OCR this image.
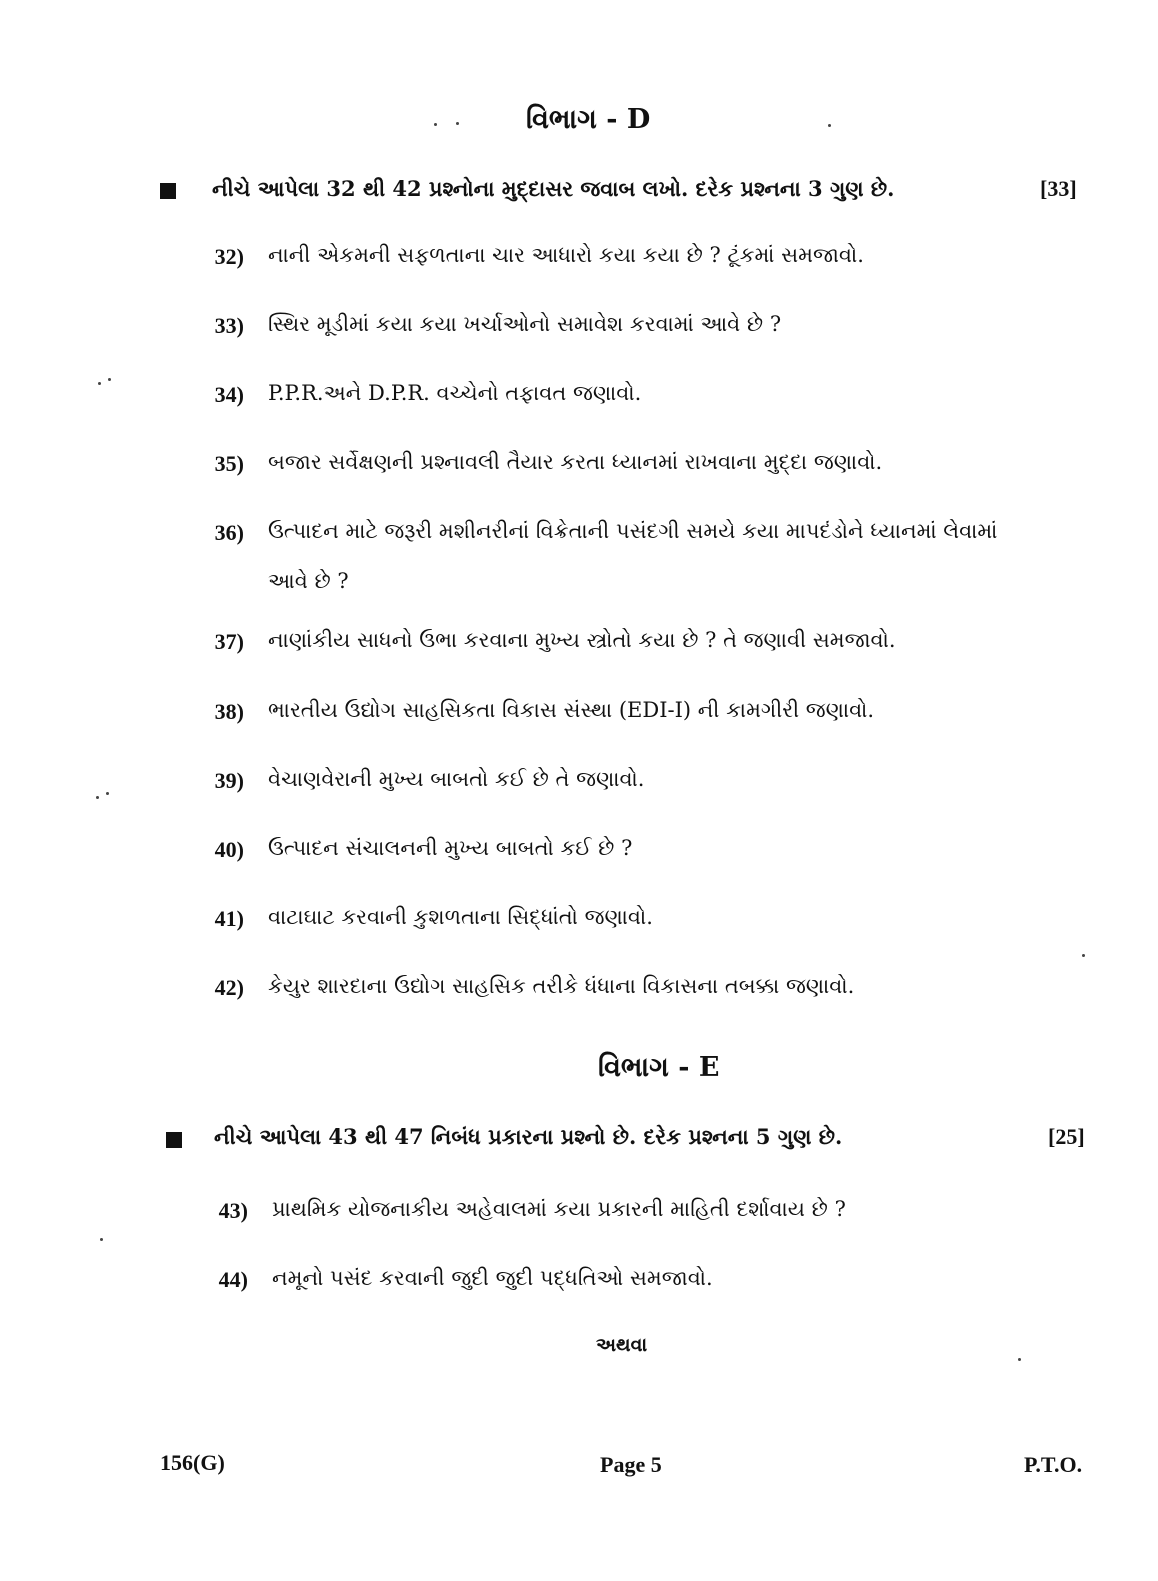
વિભાગ - D
નીચે આપેલા 32 થી 42 પ્રશ્નોના મુદ્દાસર જવાબ લખો. દરેક પ્રશ્નના 3 ગુણ છે.	[33]
32) નાની એકમની સફળતાના ચાર આધારો કયા કયા છે ? ટૂંકમાં સમજાવો.
33) સ્થિર મૂડીમાં કયા કયા ખર્ચાઓનો સમાવેશ કરવામાં આવે છે ?
34) P.P.R.અને D.P.R. વચ્ચેનો તફાવત જણાવો.
35) બજાર સર્વેક્ષણની પ્રશ્નાવલી તૈયાર કરતા ધ્યાનમાં રાખવાના મુદ્દા જણાવો.
36) ઉત્પાદન માટે જરૂરી મશીનરીનાં વિક્રેતાની પસંદગી સમયે કયા માપદંડોને ધ્યાનમાં લેવામાં આવે છે ?
37) નાણાંકીય સાધનો ઉભા કરવાના મુખ્ય સ્ત્રોતો કયા છે ? તે જણાવી સમજાવો.
38) ભારતીય ઉદ્યોગ સાહસિકતા વિકાસ સંસ્થા (EDI-I) ની કામગીરી જણાવો.
39) વેચાણવેરાની મુખ્ય બાબતો કઈ છે તે જણાવો.
40) ઉત્પાદન સંચાલનની મુખ્ય બાબતો કઈ છે ?
41) વાટાઘાટ કરવાની કુશળતાના સિદ્ધાંતો જણાવો.
42) કેયુર શારદાના ઉદ્યોગ સાહસિક તરીકે ધંધાના વિકાસના તબક્કા જણાવો.
વિભાગ - E
નીચે આપેલા 43 થી 47 નિબંધ પ્રકારના પ્રશ્નો છે. દરેક પ્રશ્નના 5 ગુણ છે.	[25]
43) પ્રાથમિક યોજનાકીય અહેવાલમાં કયા પ્રકારની માહિતી દર્શાવાય છે ?
44) નમૂનો પસંદ કરવાની જુદી જુદી પદ્ધતિઓ સમજાવો.
અથવા
156(G)	Page 5	P.T.O.
